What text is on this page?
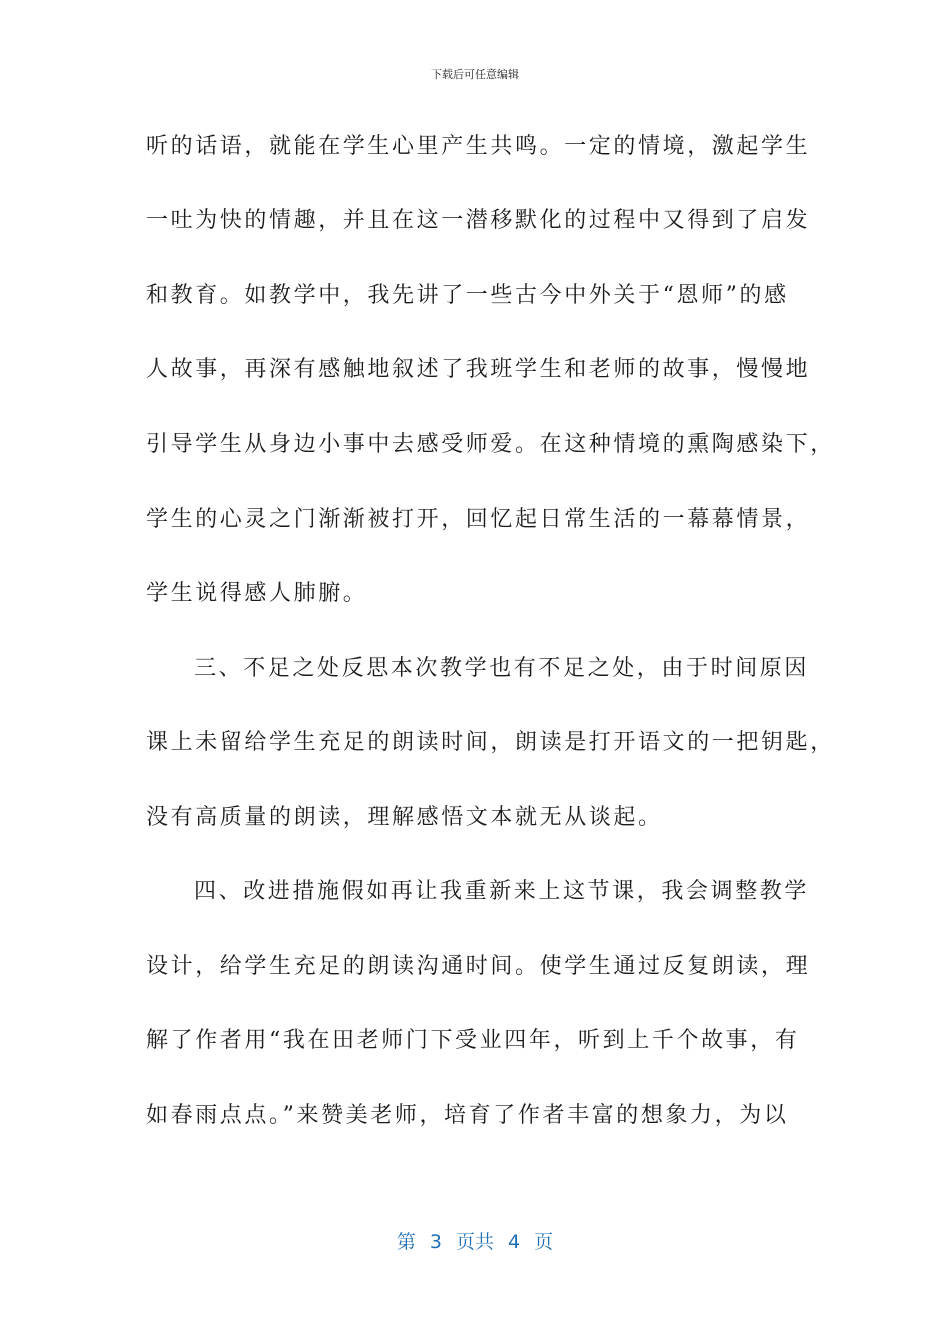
下载后可任意编辑
听的话语，就能在学生心里产生共鸣。一定的情境，激起学生
一吐为快的情趣，并且在这一潜移默化的过程中又得到了启发
和教育。如教学中，我先讲了一些古今中外关于“恩师”的感
人故事，再深有感触地叙述了我班学生和老师的故事，慢慢地
引导学生从身边小事中去感受师爱。在这种情境的熏陶感染下，
学生的心灵之门渐渐被打开，回忆起日常生活的一幕幕情景，
学生说得感人肺腑。
三、不足之处反思本次教学也有不足之处，由于时间原因
课上未留给学生充足的朗读时间，朗读是打开语文的一把钥匙，
没有高质量的朗读，理解感悟文本就无从谈起。
四、改进措施假如再让我重新来上这节课，我会调整教学
设计，给学生充足的朗读沟通时间。使学生通过反复朗读，理
解了作者用“我在田老师门下受业四年，听到上千个故事，有
如春雨点点。”来赞美老师，培育了作者丰富的想象力，为以
第 3 页共 4 页
